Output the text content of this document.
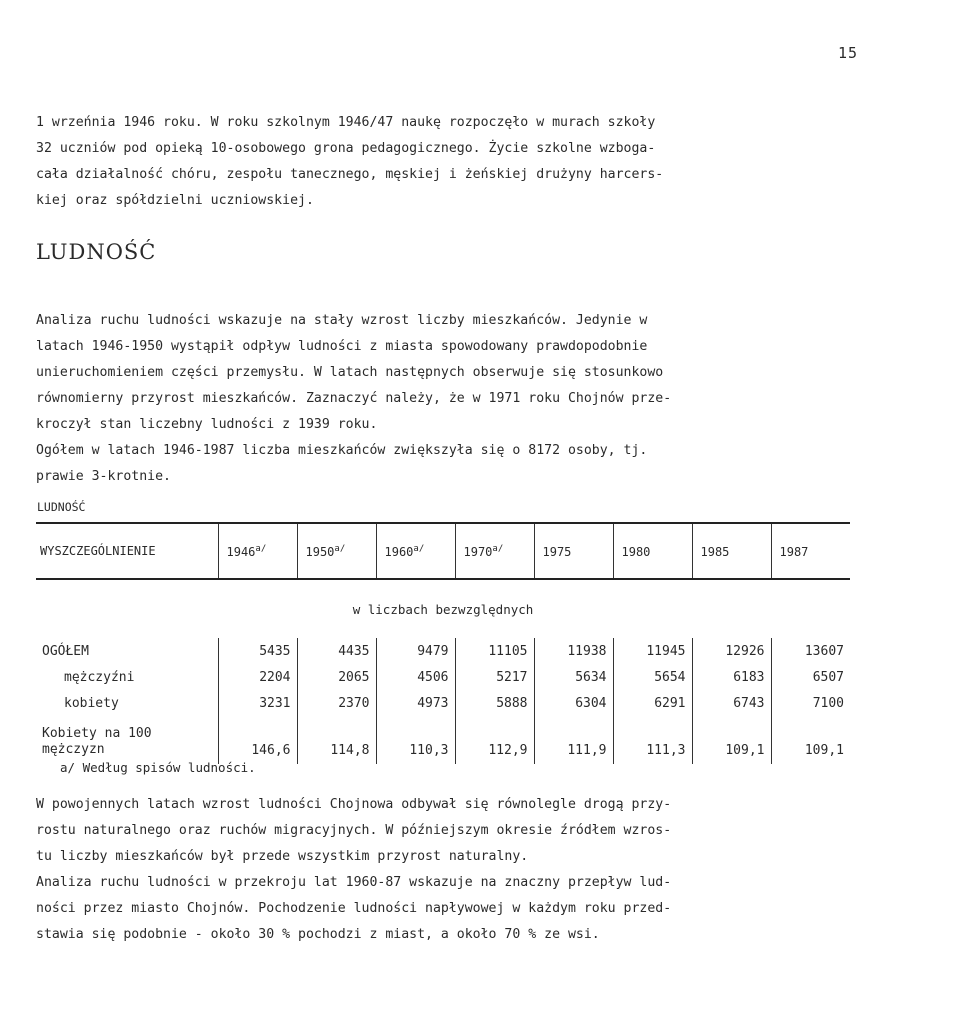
15
1 wrzeńnia 1946 roku. W roku szkolnym 1946/47 naukę rozpoczęło w murach szkoły
32 uczniów pod opieką 10-osobowego grona pedagogicznego. Życie szkolne wzboga-
cała działalność chóru, zespołu tanecznego, męskiej i żeńskiej drużyny harcers-
kiej oraz spółdzielni uczniowskiej.
LUDNOŚĆ
Analiza ruchu ludności wskazuje na stały wzrost liczby mieszkańców. Jedynie w
latach 1946-1950 wystąpił odpływ ludności z miasta spowodowany prawdopodobnie
unieruchomieniem części przemysłu. W latach następnych obserwuje się stosunkowo
równomierny przyrost mieszkańców. Zaznaczyć należy, że w 1971 roku Chojnów prze-
kroczył stan liczebny ludności z 1939 roku.
Ogółem w latach 1946-1987 liczba mieszkańców zwiększyła się o 8172 osoby, tj.
prawie 3-krotnie.
LUDNOŚĆ
WYSZCZEGÓLNIENIE	$1946^{a/}$	$1950^{a/}$	$1960^{a/}$	$1970^{a/}$	1975	1980	1985	1987
w liczbach bezwzględnych								
OGÓŁEM	5435	4435	9479	11105	11938	11945	12926	13607
mężczyźni	2204	2065	4506	5217	5634	5654	6183	6507
kobiety	3231	2370	4973	5888	6304	6291	6743	7100
Kobiety na 100
mężczyzn	146,6	114,8	110,3	112,9	111,9	111,3	109,1	109,1
a/ Według spisów ludności.
W powojennych latach wzrost ludności Chojnowa odbywał się równolegle drogą przy-
rostu naturalnego oraz ruchów migracyjnych. W późniejszym okresie źródłem wzros-
tu liczby mieszkańców był przede wszystkim przyrost naturalny.
Analiza ruchu ludności w przekroju lat 1960-87 wskazuje na znaczny przepływ lud-
ności przez miasto Chojnów. Pochodzenie ludności napływowej w każdym roku przed-
stawia się podobnie - około 30 % pochodzi z miast, a około 70 % ze wsi.
